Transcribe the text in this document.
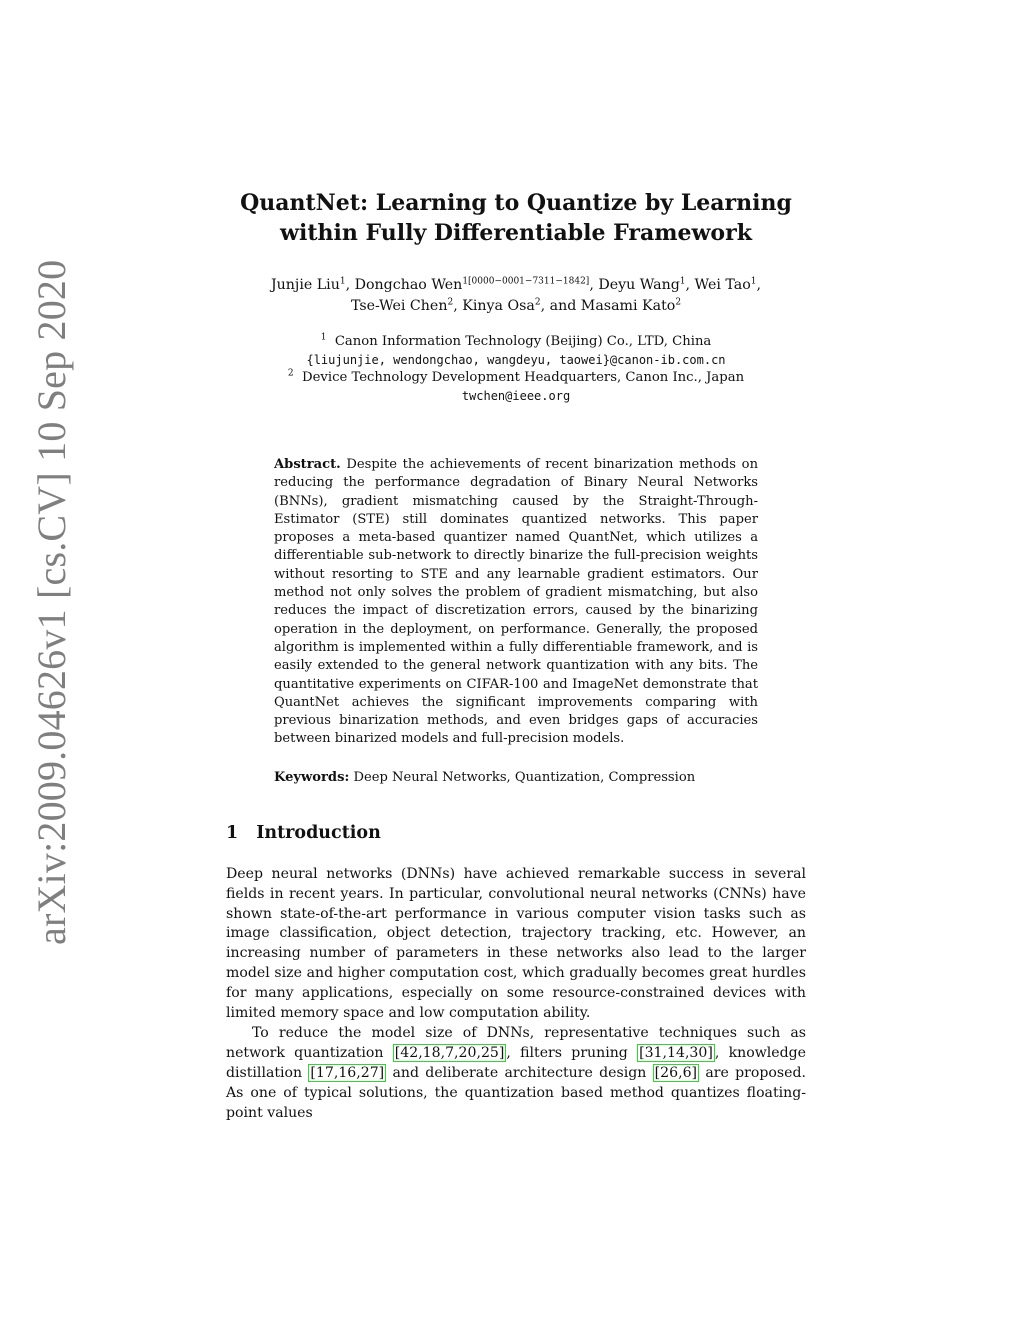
arXiv:2009.04626v1 [cs.CV] 10 Sep 2020
QuantNet: Learning to Quantize by Learning
within Fully Differentiable Framework
Junjie Liu$^1$, Dongchao Wen$^{1[0000-0001-7311-1842]}$, Deyu Wang$^1$, Wei Tao$^1$,
Tse-Wei Chen$^2$, Kinya Osa$^2$, and Masami Kato$^2$
$^1$ Canon Information Technology (Beijing) Co., LTD, China
{liujunjie, wendongchao, wangdeyu, taowei}@canon-ib.com.cn
$^2$ Device Technology Development Headquarters, Canon Inc., Japan
twchen@ieee.org
Abstract. Despite the achievements of recent binarization methods on reducing the performance degradation of Binary Neural Networks (BNNs), gradient mismatching caused by the Straight-Through-Estimator (STE) still dominates quantized networks. This paper proposes a meta-based quantizer named QuantNet, which utilizes a differentiable sub-network to directly binarize the full-precision weights without resorting to STE and any learnable gradient estimators. Our method not only solves the problem of gradient mismatching, but also reduces the impact of discretization errors, caused by the binarizing operation in the deployment, on performance. Generally, the proposed algorithm is implemented within a fully differentiable framework, and is easily extended to the general network quantization with any bits. The quantitative experiments on CIFAR-100 and ImageNet demonstrate that QuantNet achieves the significant improvements comparing with previous binarization methods, and even bridges gaps of accuracies between binarized models and full-precision models.
Keywords: Deep Neural Networks, Quantization, Compression
1 Introduction

Deep neural networks (DNNs) have achieved remarkable success in several fields in recent years. In particular, convolutional neural networks (CNNs) have shown state-of-the-art performance in various computer vision tasks such as image classification, object detection, trajectory tracking, etc. However, an increasing number of parameters in these networks also lead to the larger model size and higher computation cost, which gradually becomes great hurdles for many applications, especially on some resource-constrained devices with limited memory space and low computation ability.

To reduce the model size of DNNs, representative techniques such as network quantization [42,18,7,20,25] , filters pruning [31,14,30] , knowledge distillation [17,16,27] and deliberate architecture design [26,6] are proposed. As one of typical solutions, the quantization based method quantizes floating-point values
